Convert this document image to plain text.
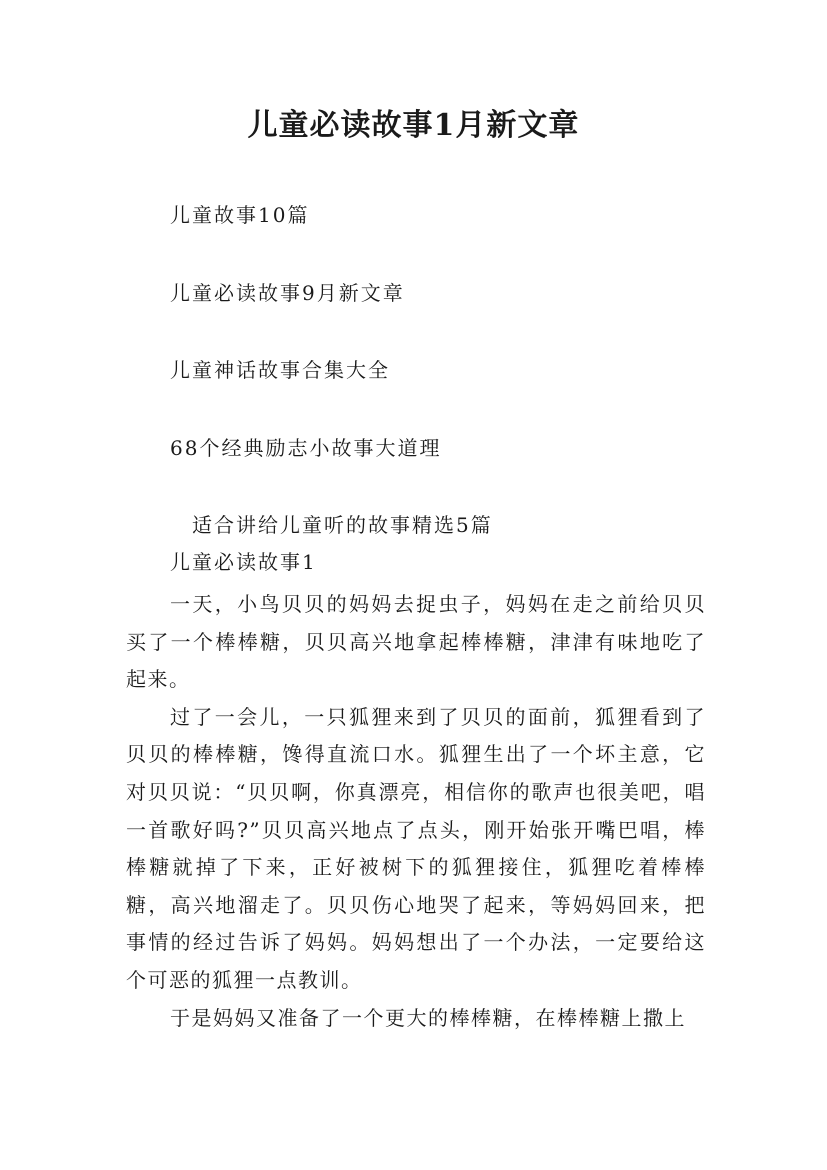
儿童必读故事1月新文章
儿童故事10篇
儿童必读故事9月新文章
儿童神话故事合集大全
68个经典励志小故事大道理
适合讲给儿童听的故事精选5篇
儿童必读故事1

一天，小鸟贝贝的妈妈去捉虫子，妈妈在走之前给贝贝买了一个棒棒糖，贝贝高兴地拿起棒棒糖，津津有味地吃了起来。

过了一会儿，一只狐狸来到了贝贝的面前，狐狸看到了贝贝的棒棒糖，馋得直流口水。狐狸生出了一个坏主意，它对贝贝说：“贝贝啊，你真漂亮，相信你的歌声也很美吧，唱一首歌好吗?”贝贝高兴地点了点头，刚开始张开嘴巴唱，棒棒糖就掉了下来，正好被树下的狐狸接住，狐狸吃着棒棒糖，高兴地溜走了。贝贝伤心地哭了起来，等妈妈回来，把事情的经过告诉了妈妈。妈妈想出了一个办法，一定要给这个可恶的狐狸一点教训。

于是妈妈又准备了一个更大的棒棒糖，在棒棒糖上撒上
